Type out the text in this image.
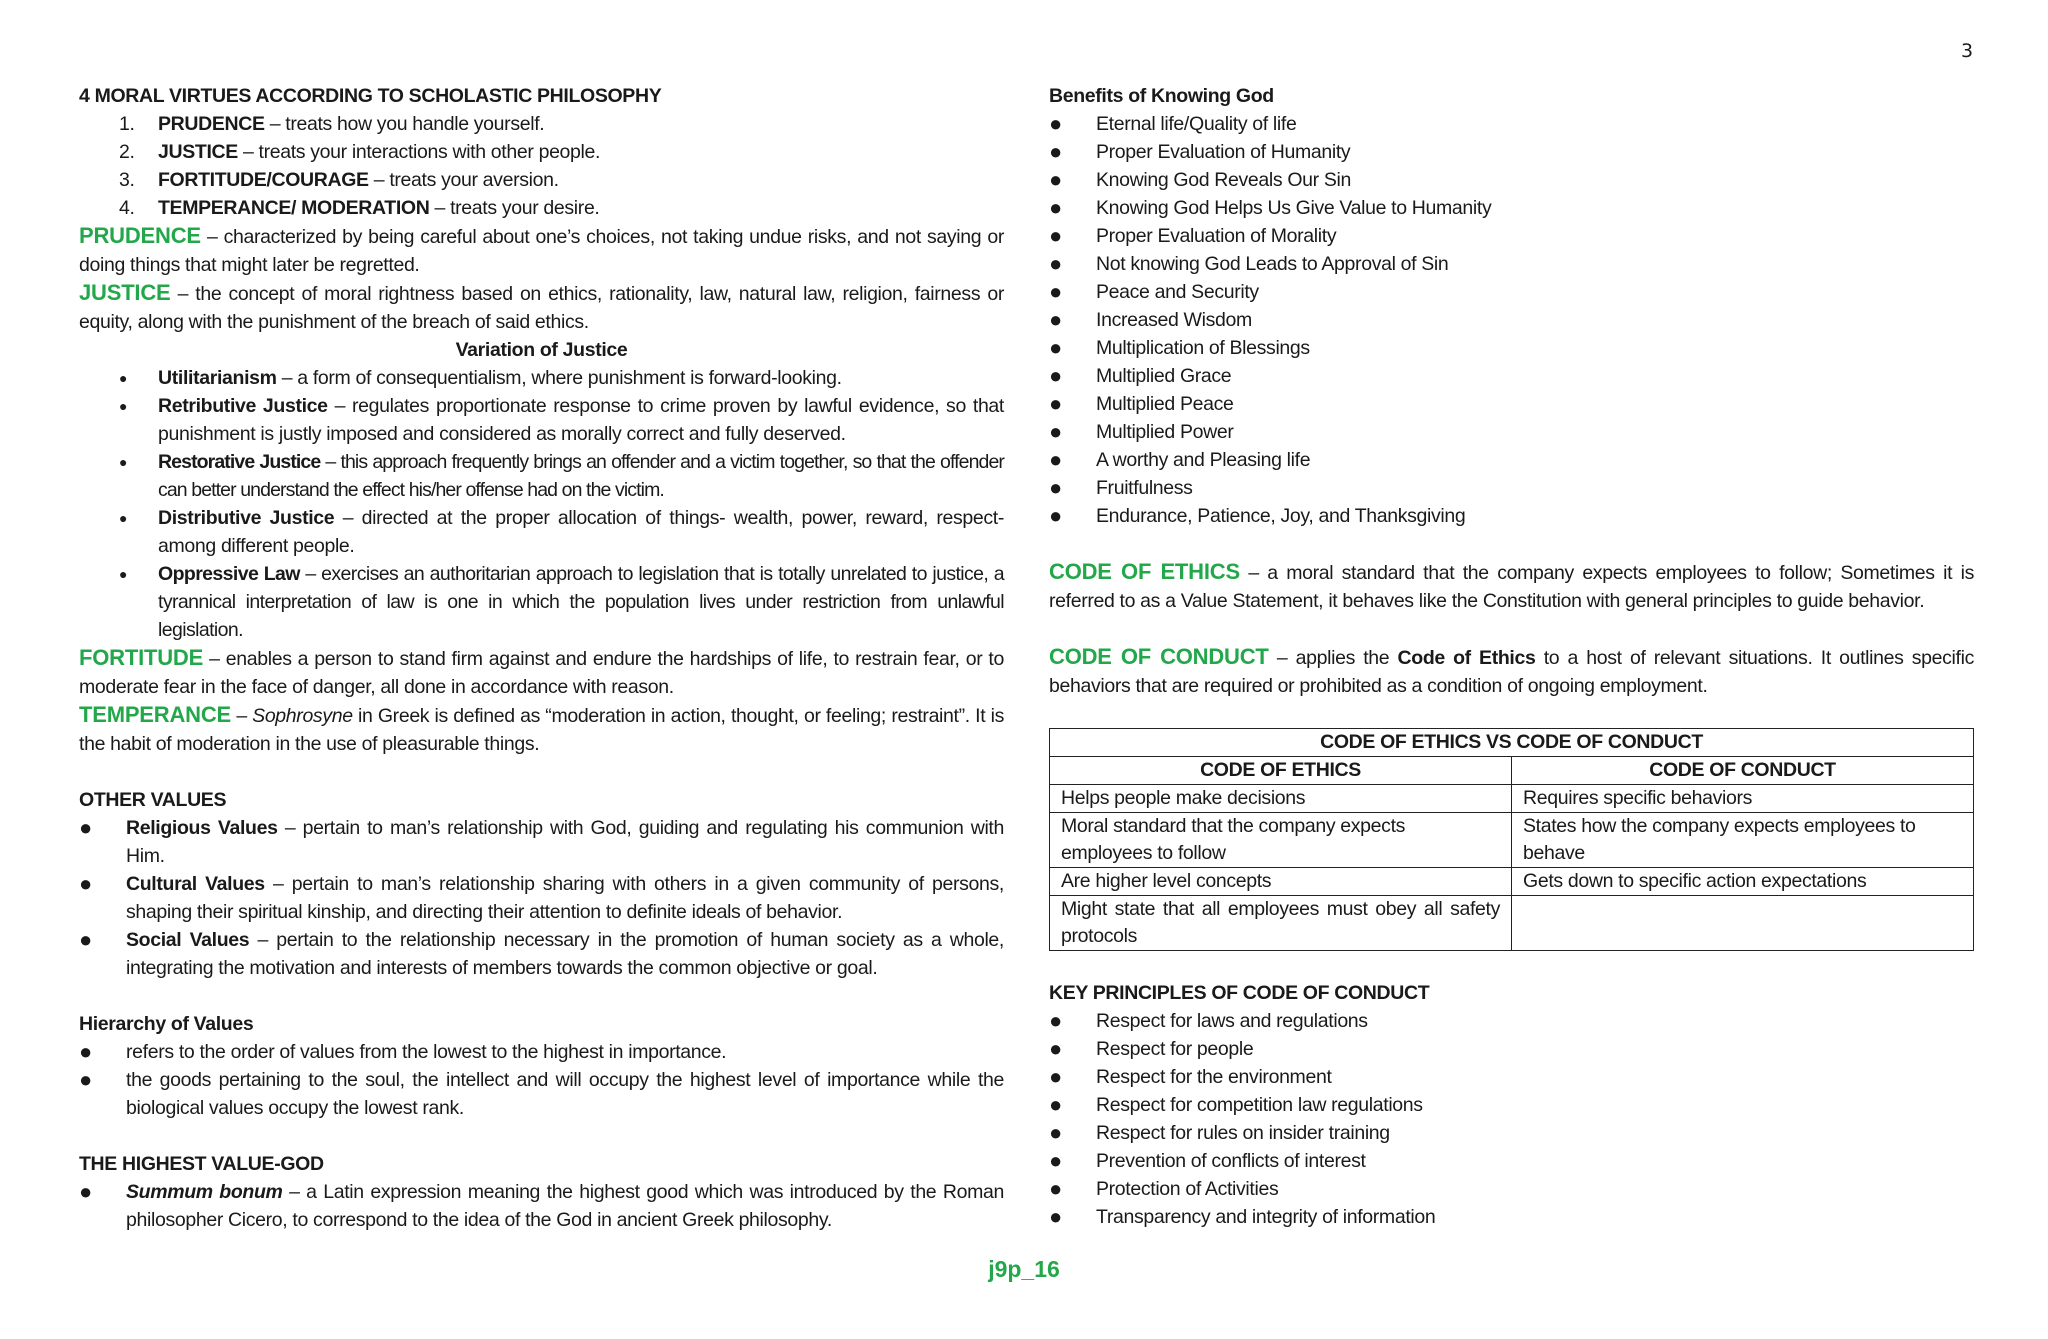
3
4 MORAL VIRTUES ACCORDING TO SCHOLASTIC PHILOSOPHY
1.	PRUDENCE – treats how you handle yourself.
2.	JUSTICE – treats your interactions with other people.
3.	FORTITUDE/COURAGE – treats your aversion.
4.	TEMPERANCE/ MODERATION – treats your desire.

PRUDENCE – characterized by being careful about one’s choices, not taking undue risks, and not saying or doing things that might later be regretted.

JUSTICE – the concept of moral rightness based on ethics, rationality, law, natural law, religion, fairness or equity, along with the punishment of the breach of said ethics.

Variation of Justice
●	Utilitarianism – a form of consequentialism, where punishment is forward-looking.
●	Retributive Justice – regulates proportionate response to crime proven by lawful evidence, so that punishment is justly imposed and considered as morally correct and fully deserved.
●	Restorative Justice – this approach frequently brings an offender and a victim together, so that the offender can better understand the effect his/her offense had on the victim.
●	Distributive Justice – directed at the proper allocation of things- wealth, power, reward, respect- among different people.
●	Oppressive Law – exercises an authoritarian approach to legislation that is totally unrelated to justice, a tyrannical interpretation of law is one in which the population lives under restriction from unlawful legislation.

FORTITUDE – enables a person to stand firm against and endure the hardships of life, to restrain fear, or to moderate fear in the face of danger, all done in accordance with reason.

TEMPERANCE – Sophrosyne in Greek is defined as “moderation in action, thought, or feeling; restraint”. It is the habit of moderation in the use of pleasurable things.

OTHER VALUES
●	Religious Values – pertain to man’s relationship with God, guiding and regulating his communion with Him.
●	Cultural Values – pertain to man’s relationship sharing with others in a given community of persons, shaping their spiritual kinship, and directing their attention to definite ideals of behavior.
●	Social Values – pertain to the relationship necessary in the promotion of human society as a whole, integrating the motivation and interests of members towards the common objective or goal.
Hierarchy of Values
●	refers to the order of values from the lowest to the highest in importance.
●	the goods pertaining to the soul, the intellect and will occupy the highest level of importance while the biological values occupy the lowest rank.
THE HIGHEST VALUE-GOD
●	Summum bonum – a Latin expression meaning the highest good which was introduced by the Roman philosopher Cicero, to correspond to the idea of the God in ancient Greek philosophy.
Benefits of Knowing God
●	Eternal life/Quality of life
●	Proper Evaluation of Humanity
●	Knowing God Reveals Our Sin
●	Knowing God Helps Us Give Value to Humanity
●	Proper Evaluation of Morality
●	Not knowing God Leads to Approval of Sin
●	Peace and Security
●	Increased Wisdom
●	Multiplication of Blessings
●	Multiplied Grace
●	Multiplied Peace
●	Multiplied Power
●	A worthy and Pleasing life
●	Fruitfulness
●	Endurance, Patience, Joy, and Thanksgiving

CODE OF ETHICS – a moral standard that the company expects employees to follow; Sometimes it is referred to as a Value Statement, it behaves like the Constitution with general principles to guide behavior.

CODE OF CONDUCT – applies the Code of Ethics to a host of relevant situations. It outlines specific behaviors that are required or prohibited as a condition of ongoing employment.

CODE OF ETHICS VS CODE OF CONDUCT	
CODE OF ETHICS	CODE OF CONDUCT
Helps people make decisions	Requires specific behaviors
Moral standard that the company expects employees to follow	States how the company expects employees to behave
Are higher level concepts	Gets down to specific action expectations
Might state that all employees must obey all safety protocols	
KEY PRINCIPLES OF CODE OF CONDUCT
●	Respect for laws and regulations
●	Respect for people
●	Respect for the environment
●	Respect for competition law regulations
●	Respect for rules on insider training
●	Prevention of conflicts of interest
●	Protection of Activities
●	Transparency and integrity of information
j9p_16
